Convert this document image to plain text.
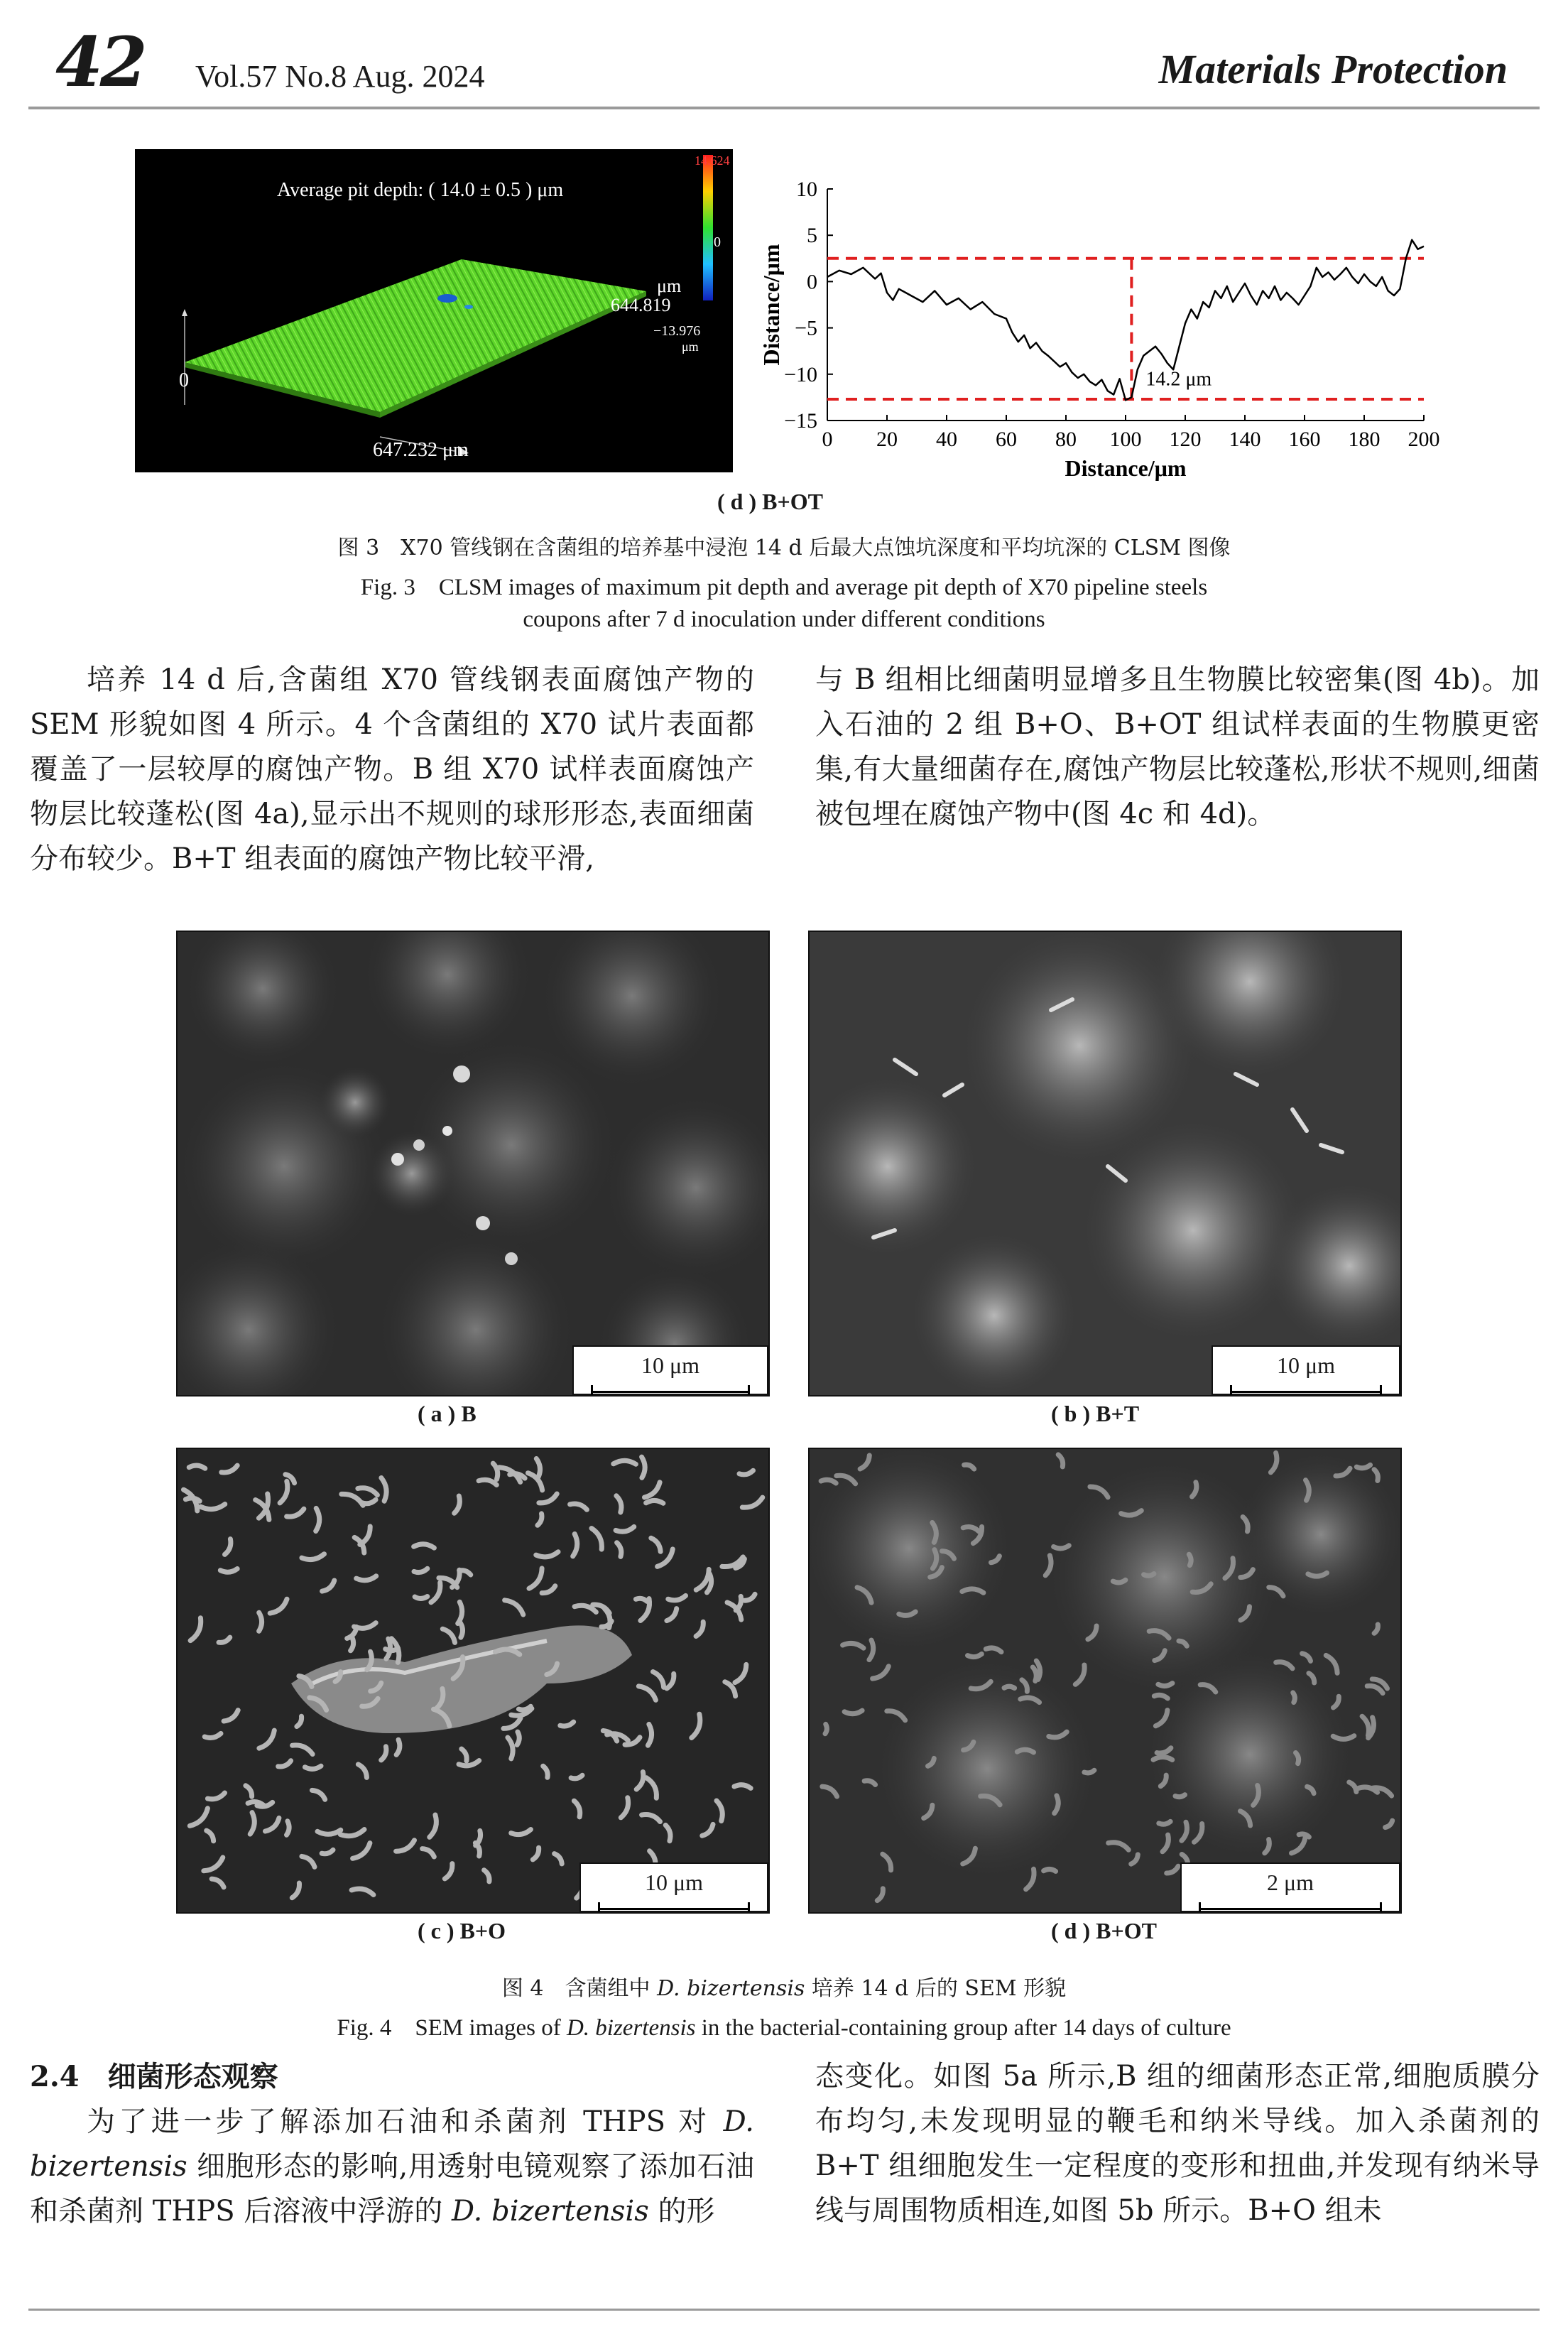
42 Vol.57 No.8 Aug. 2024	Materials Protection
Average pit depth: ( 14.0 ± 0.5 ) μm
14.624
0
−13.976
μm
μm
644.819
647.232 μm
0
0 20 40 60 80 100 120 140 160 180 200
10
5
0
−5
−10
−15
Distance/μm
Distance/μm
14.2 μm
( d ) B+OT
图 3　X70 管线钢在含菌组的培养基中浸泡 14 d 后最大点蚀坑深度和平均坑深的 CLSM 图像
Fig. 3　CLSM images of maximum pit depth and average pit depth of X70 pipeline steels
coupons after 7 d inoculation under different conditions
培养 14 d 后,含菌组 X70 管线钢表面腐蚀产物的 SEM 形貌如图 4 所示。4 个含菌组的 X70 试片表面都覆盖了一层较厚的腐蚀产物。B 组 X70 试样表面腐蚀产物层比较蓬松(图 4a),显示出不规则的球形形态,表面细菌分布较少。B+T 组表面的腐蚀产物比较平滑,
与 B 组相比细菌明显增多且生物膜比较密集(图 4b)。加入石油的 2 组 B+O、B+OT 组试样表面的生物膜更密集,有大量细菌存在,腐蚀产物层比较蓬松,形状不规则,细菌被包埋在腐蚀产物中(图 4c 和 4d)。
10 μm
( a ) B
10 μm
( b ) B+T
10 μm
( c ) B+O
2 μm
( d ) B+OT
图 4　含菌组中 D. bizertensis 培养 14 d 后的 SEM 形貌
Fig. 4　SEM images of D. bizertensis in the bacterial-containing group after 14 days of culture
2.4　细菌形态观察
为了进一步了解添加石油和杀菌剂 THPS 对 D. bizertensis 细胞形态的影响,用透射电镜观察了添加石油和杀菌剂 THPS 后溶液中浮游的 D. bizertensis 的形
态变化。如图 5a 所示,B 组的细菌形态正常,细胞质膜分布均匀,未发现明显的鞭毛和纳米导线。加入杀菌剂的 B+T 组细胞发生一定程度的变形和扭曲,并发现有纳米导线与周围物质相连,如图 5b 所示。B+O 组未
